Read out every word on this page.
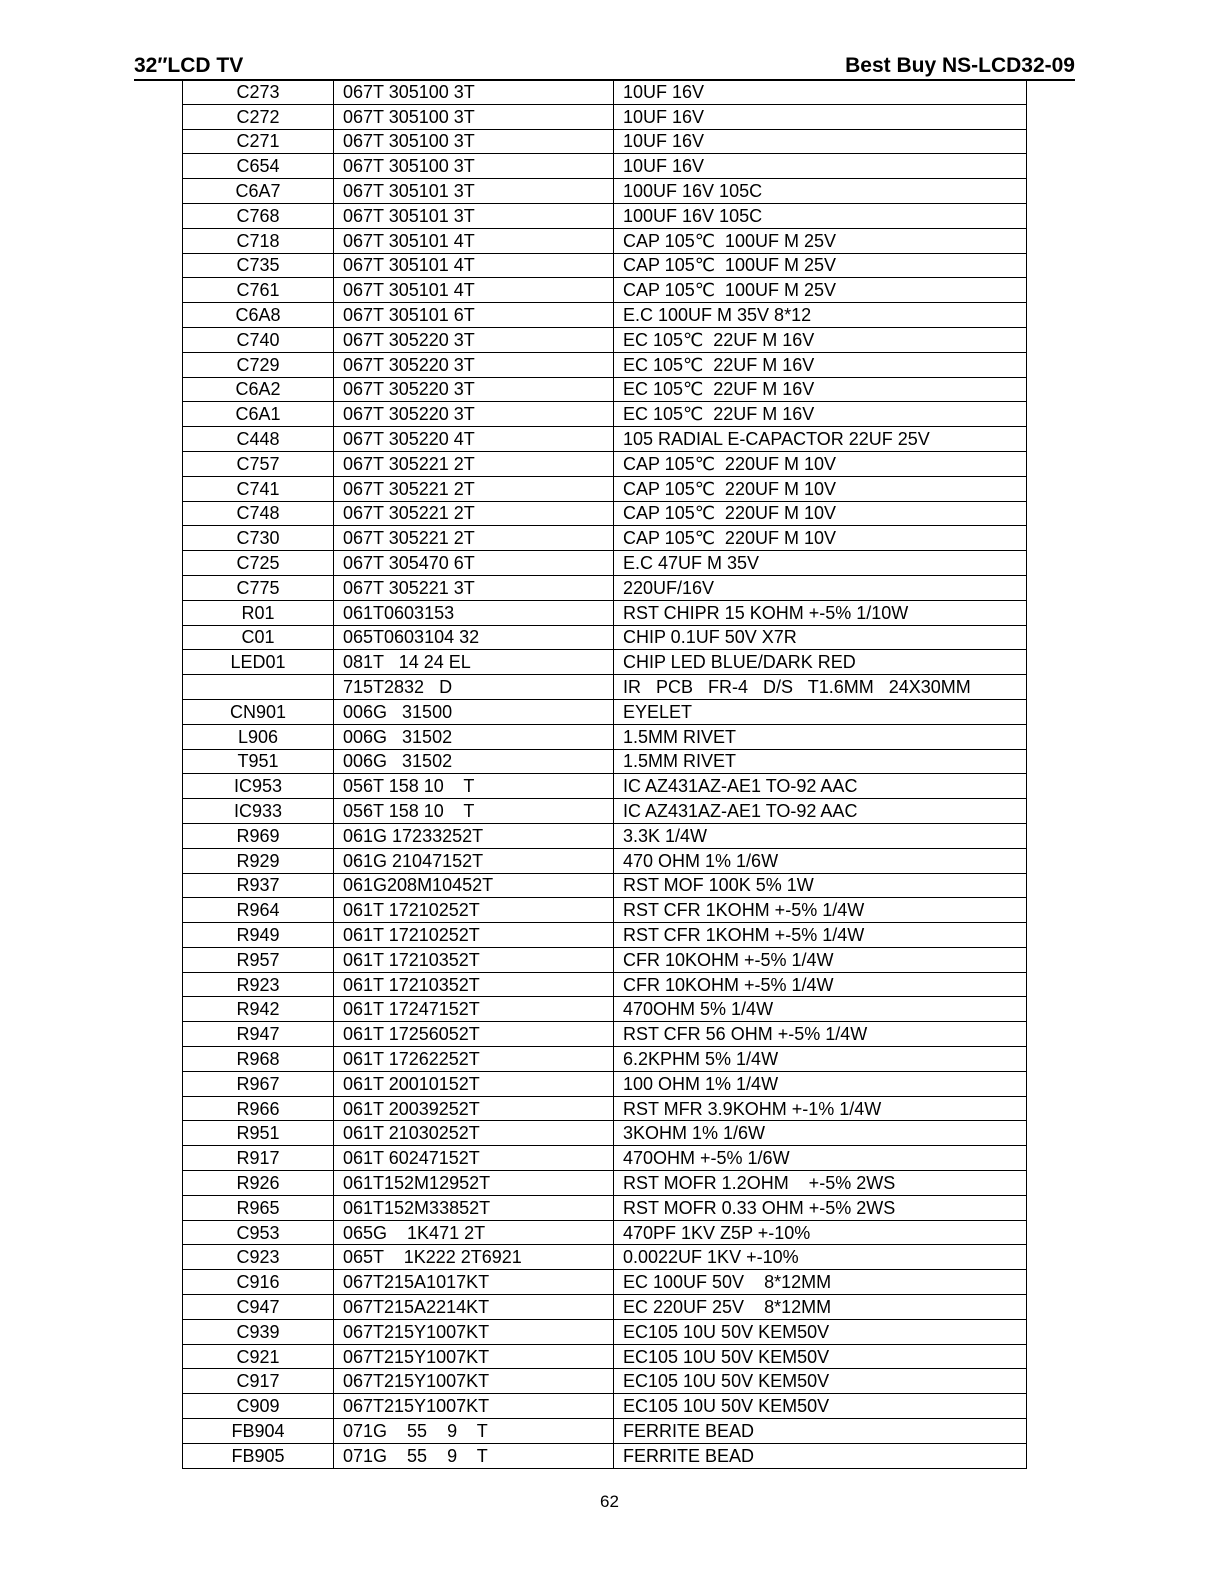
32″LCD TV	Best Buy NS-LCD32-09
C273	067T 305100 3T	10UF 16V
C272	067T 305100 3T	10UF 16V
C271	067T 305100 3T	10UF 16V
C654	067T 305100 3T	10UF 16V
C6A7	067T 305101 3T	100UF 16V 105C
C768	067T 305101 3T	100UF 16V 105C
C718	067T 305101 4T	CAP 105℃  100UF M 25V
C735	067T 305101 4T	CAP 105℃  100UF M 25V
C761	067T 305101 4T	CAP 105℃  100UF M 25V
C6A8	067T 305101 6T	E.C 100UF M 35V 8*12
C740	067T 305220 3T	EC 105℃  22UF M 16V
C729	067T 305220 3T	EC 105℃  22UF M 16V
C6A2	067T 305220 3T	EC 105℃  22UF M 16V
C6A1	067T 305220 3T	EC 105℃  22UF M 16V
C448	067T 305220 4T	105 RADIAL E-CAPACTOR 22UF 25V
C757	067T 305221 2T	CAP 105℃  220UF M 10V
C741	067T 305221 2T	CAP 105℃  220UF M 10V
C748	067T 305221 2T	CAP 105℃  220UF M 10V
C730	067T 305221 2T	CAP 105℃  220UF M 10V
C725	067T 305470 6T	E.C 47UF M 35V
C775	067T 305221 3T	220UF/16V
R01	061T0603153	RST CHIPR 15 KOHM +-5% 1/10W
C01	065T0603104 32	CHIP 0.1UF 50V X7R
LED01	081T   14 24 EL	CHIP LED BLUE/DARK RED
	715T2832   D	IR   PCB   FR-4   D/S   T1.6MM   24X30MM
CN901	006G   31500	EYELET
L906	006G   31502	1.5MM RIVET
T951	006G   31502	1.5MM RIVET
IC953	056T 158 10    T	IC AZ431AZ-AE1 TO-92 AAC
IC933	056T 158 10    T	IC AZ431AZ-AE1 TO-92 AAC
R969	061G 17233252T	3.3K 1/4W
R929	061G 21047152T	470 OHM 1% 1/6W
R937	061G208M10452T	RST MOF 100K 5% 1W
R964	061T 17210252T	RST CFR 1KOHM +-5% 1/4W
R949	061T 17210252T	RST CFR 1KOHM +-5% 1/4W
R957	061T 17210352T	CFR 10KOHM +-5% 1/4W
R923	061T 17210352T	CFR 10KOHM +-5% 1/4W
R942	061T 17247152T	470OHM 5% 1/4W
R947	061T 17256052T	RST CFR 56 OHM +-5% 1/4W
R968	061T 17262252T	6.2KPHM 5% 1/4W
R967	061T 20010152T	100 OHM 1% 1/4W
R966	061T 20039252T	RST MFR 3.9KOHM +-1% 1/4W
R951	061T 21030252T	3KOHM 1% 1/6W
R917	061T 60247152T	470OHM +-5% 1/6W
R926	061T152M12952T	RST MOFR 1.2OHM    +-5% 2WS
R965	061T152M33852T	RST MOFR 0.33 OHM +-5% 2WS
C953	065G    1K471 2T	470PF 1KV Z5P +-10%
C923	065T    1K222 2T6921	0.0022UF 1KV +-10%
C916	067T215A1017KT	EC 100UF 50V    8*12MM
C947	067T215A2214KT	EC 220UF 25V    8*12MM
C939	067T215Y1007KT	EC105 10U 50V KEM50V
C921	067T215Y1007KT	EC105 10U 50V KEM50V
C917	067T215Y1007KT	EC105 10U 50V KEM50V
C909	067T215Y1007KT	EC105 10U 50V KEM50V
FB904	071G    55    9    T	FERRITE BEAD
FB905	071G    55    9    T	FERRITE BEAD
62
